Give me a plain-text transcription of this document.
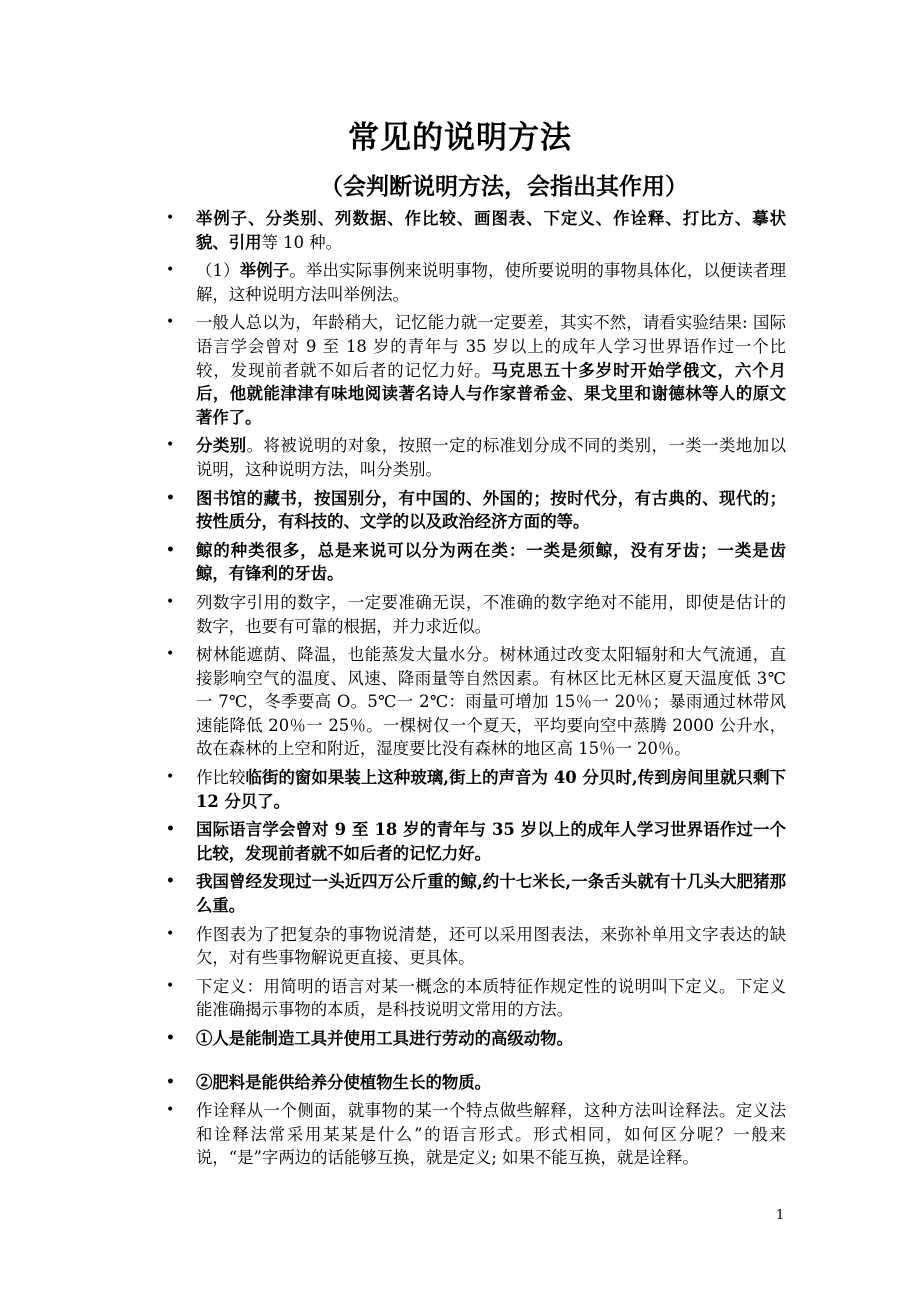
常见的说明方法
（会判断说明方法，会指出其作用）
• 举例子、分类别、列数据、作比较、画图表、下定义、作诠释、打比方、摹状貌、引用等 10 种。
• （1）举例子。举出实际事例来说明事物，使所要说明的事物具体化，以便读者理解，这种说明方法叫举例法。
• 一般人总以为，年龄稍大，记忆能力就一定要差，其实不然，请看实验结果: 国际语言学会曾对 9 至 18 岁的青年与 35 岁以上的成年人学习世界语作过一个比较，发现前者就不如后者的记忆力好。马克思五十多岁时开始学俄文，六个月后，他就能津津有味地阅读著名诗人与作家普希金、果戈里和谢德林等人的原文著作了。
• 分类别。将被说明的对象，按照一定的标准划分成不同的类别，一类一类地加以说明，这种说明方法，叫分类别。
• 图书馆的藏书，按国别分，有中国的、外国的；按时代分，有古典的、现代的；按性质分，有科技的、文学的以及政治经济方面的等。
• 鲸的种类很多，总是来说可以分为两在类：一类是须鲸，没有牙齿；一类是齿鲸，有锋利的牙齿。
• 列数字引用的数字，一定要准确无误，不准确的数字绝对不能用，即使是估计的数字，也要有可靠的根据，并力求近似。
• 树林能遮荫、降温，也能蒸发大量水分。树林通过改变太阳辐射和大气流通，直接影响空气的温度、风速、降雨量等自然因素。有林区比无林区夏天温度低 3℃一 7℃，冬季要高 O。5℃一 2℃：雨量可增加 15％一 20％；暴雨通过林带风速能降低 20％一 25％。一棵树仅一个夏天，平均要向空中蒸腾 2000 公升水，故在森林的上空和附近，湿度要比没有森林的地区高 15％一 20％。
• 作比较临街的窗如果装上这种玻璃,街上的声音为 40 分贝时,传到房间里就只剩下 12 分贝了。
• 国际语言学会曾对 9 至 18 岁的青年与 35 岁以上的成年人学习世界语作过一个比较，发现前者就不如后者的记忆力好。
• 我国曾经发现过一头近四万公斤重的鲸,约十七米长,一条舌头就有十几头大肥猪那么重。
• 作图表为了把复杂的事物说清楚，还可以采用图表法，来弥补单用文字表达的缺欠，对有些事物解说更直接、更具体。
• 下定义：用简明的语言对某一概念的本质特征作规定性的说明叫下定义。下定义能准确揭示事物的本质，是科技说明文常用的方法。
• ①人是能制造工具并使用工具进行劳动的高级动物。
• ②肥料是能供给养分使植物生长的物质。
• 作诠释从一个侧面，就事物的某一个特点做些解释，这种方法叫诠释法。定义法和诠释法常采用某某是什么”的语言形式。形式相同，如何区分呢？一般来说，“是”字两边的话能够互换，就是定义; 如果不能互换，就是诠释。
1
